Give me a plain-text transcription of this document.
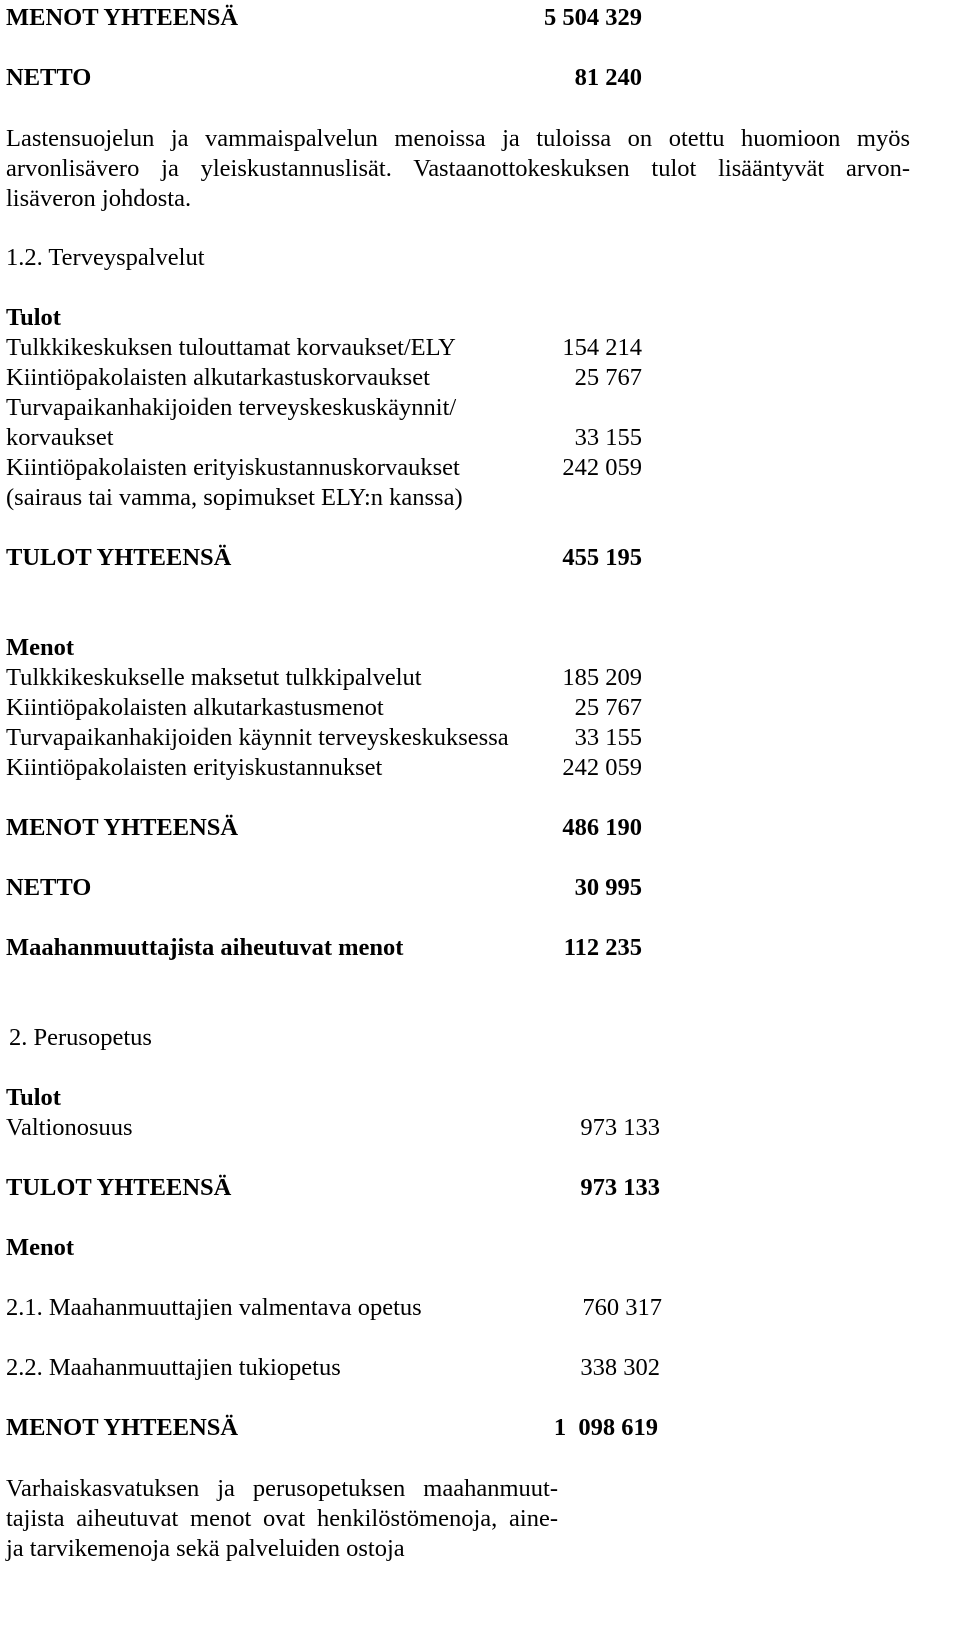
MENOT YHTEENSÄ	5 504 329
NETTO	81 240
Lastensuojelun ja vammaispalvelun menoissa ja tuloissa on otettu huomioon myös
arvonlisävero ja yleiskustannuslisät. Vastaanottokeskuksen tulot lisääntyvät arvon-
lisäveron johdosta.
1.2. Terveyspalvelut
Tulot
Tulkkikeskuksen tulouttamat korvaukset/ELY	154 214
Kiintiöpakolaisten alkutarkastuskorvaukset	25 767
Turvapaikanhakijoiden terveyskeskuskäynnit/
korvaukset	33 155
Kiintiöpakolaisten erityiskustannuskorvaukset	242 059
(sairaus tai vamma, sopimukset ELY:n kanssa)
TULOT YHTEENSÄ	455 195
Menot
Tulkkikeskukselle maksetut tulkkipalvelut	185 209
Kiintiöpakolaisten alkutarkastusmenot	25 767
Turvapaikanhakijoiden käynnit terveyskeskuksessa	33 155
Kiintiöpakolaisten erityiskustannukset	242 059
MENOT YHTEENSÄ	486 190
NETTO	30 995
Maahanmuuttajista aiheutuvat menot	112 235
2. Perusopetus
Tulot
Valtionosuus	973 133
TULOT YHTEENSÄ	973 133
Menot
2.1. Maahanmuuttajien valmentava opetus	760 317
2.2. Maahanmuuttajien tukiopetus	338 302
MENOT YHTEENSÄ	1  098 619
Varhaiskasvatuksen ja perusopetuksen maahanmuut-
tajista aiheutuvat menot ovat henkilöstömenoja, aine-
ja tarvikemenoja sekä palveluiden ostoja
